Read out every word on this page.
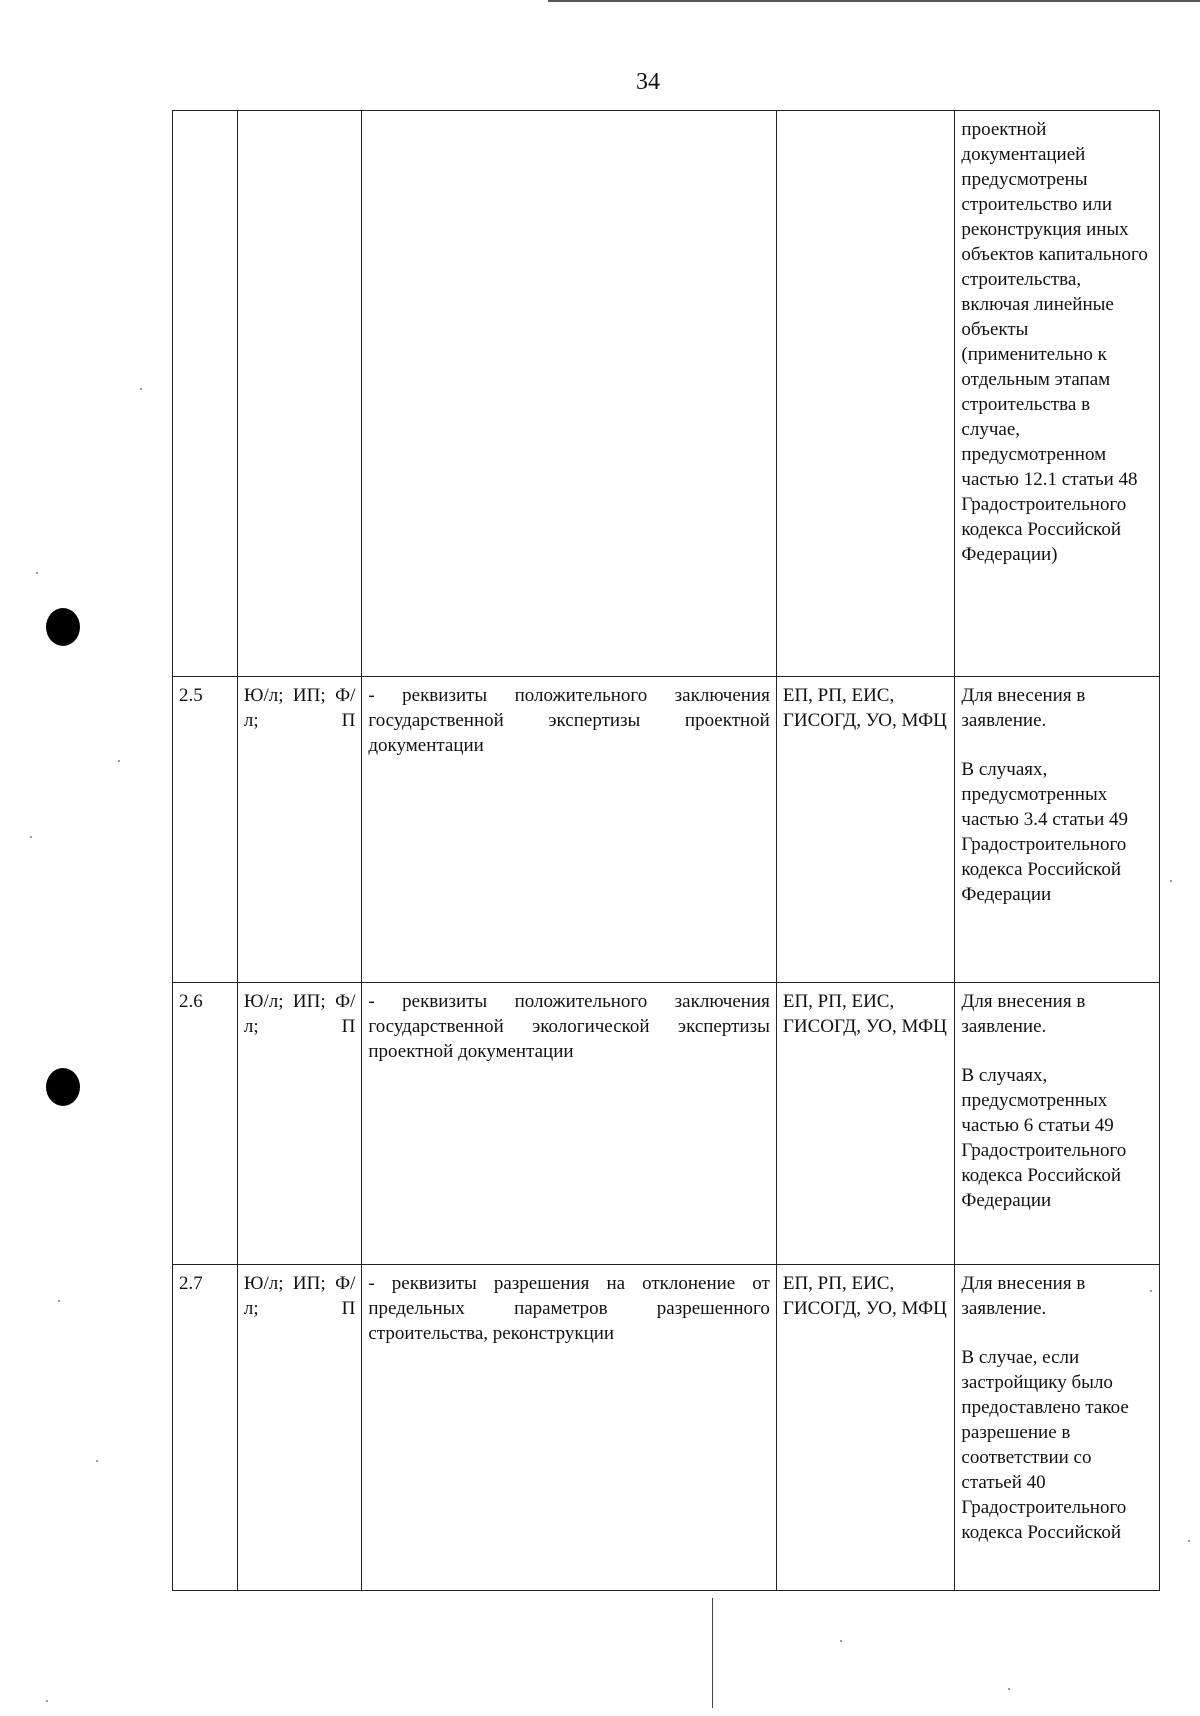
34

				проектной документацией предусмотрены строительство или реконструкция иных объектов капитального строительства, включая линейные объекты (применительно к отдельным этапам строительства в случае, предусмотренном частью 12.1 статьи 48 Градостроительного кодекса Российской Федерации)

2.5	Ю/л; ИП; Ф/л; П	- реквизиты положительного заключения государственной экспертизы проектной документации	ЕП, РП, ЕИС, ГИСОГД, УО, МФЦ	Для внесения в заявление.

В случаях, предусмотренных частью 3.4 статьи 49 Градостроительного кодекса Российской Федерации

2.6	Ю/л; ИП; Ф/л; П	- реквизиты положительного заключения государственной экологической экспертизы проектной документации	ЕП, РП, ЕИС, ГИСОГД, УО, МФЦ	Для внесения в заявление.

В случаях, предусмотренных частью 6 статьи 49 Градостроительного кодекса Российской Федерации

2.7	Ю/л; ИП; Ф/л; П	- реквизиты разрешения на отклонение от предельных параметров разрешенного строительства, реконструкции	ЕП, РП, ЕИС, ГИСОГД, УО, МФЦ	Для внесения в заявление.

В случае, если застройщику было предоставлено такое разрешение в соответствии со статьей 40 Градостроительного кодекса Российской
